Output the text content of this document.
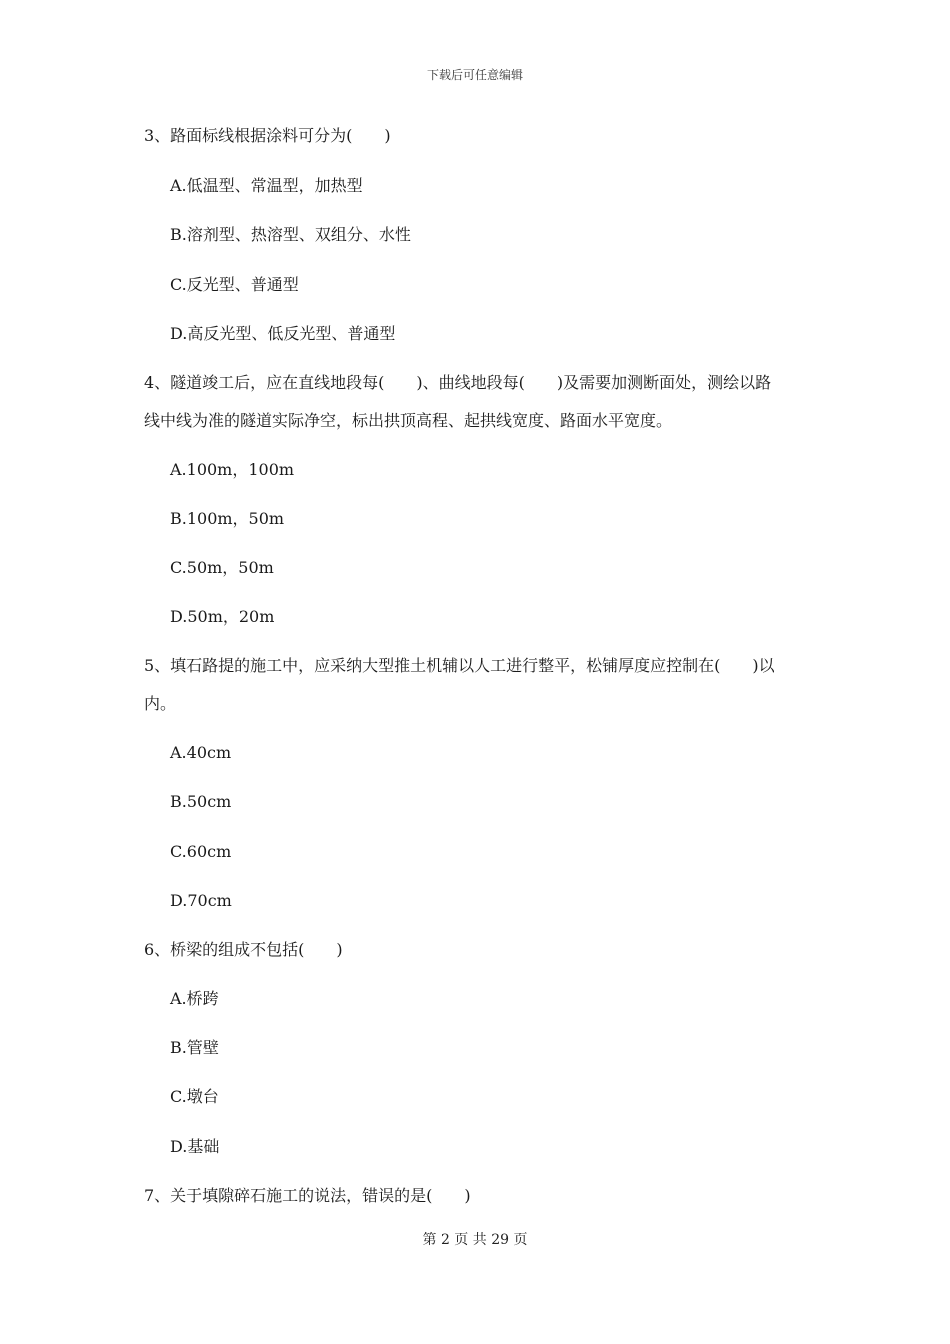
下载后可任意编辑
3、路面标线根据涂料可分为(　　)
A.低温型、常温型，加热型
B.溶剂型、热溶型、双组分、水性
C.反光型、普通型
D.高反光型、低反光型、普通型
4、隧道竣工后，应在直线地段每(　　)、曲线地段每(　　)及需要加测断面处，测绘以路
线中线为准的隧道实际净空，标出拱顶高程、起拱线宽度、路面水平宽度。
A.100m，100m
B.100m，50m
C.50m，50m
D.50m，20m
5、填石路提的施工中，应采纳大型推土机辅以人工进行整平，松铺厚度应控制在(　　)以
内。
A.40cm
B.50cm
C.60cm
D.70cm
6、桥梁的组成不包括(　　)
A.桥跨
B.管壁
C.墩台
D.基础
7、关于填隙碎石施工的说法，错误的是(　　)
第 2 页 共 29 页
